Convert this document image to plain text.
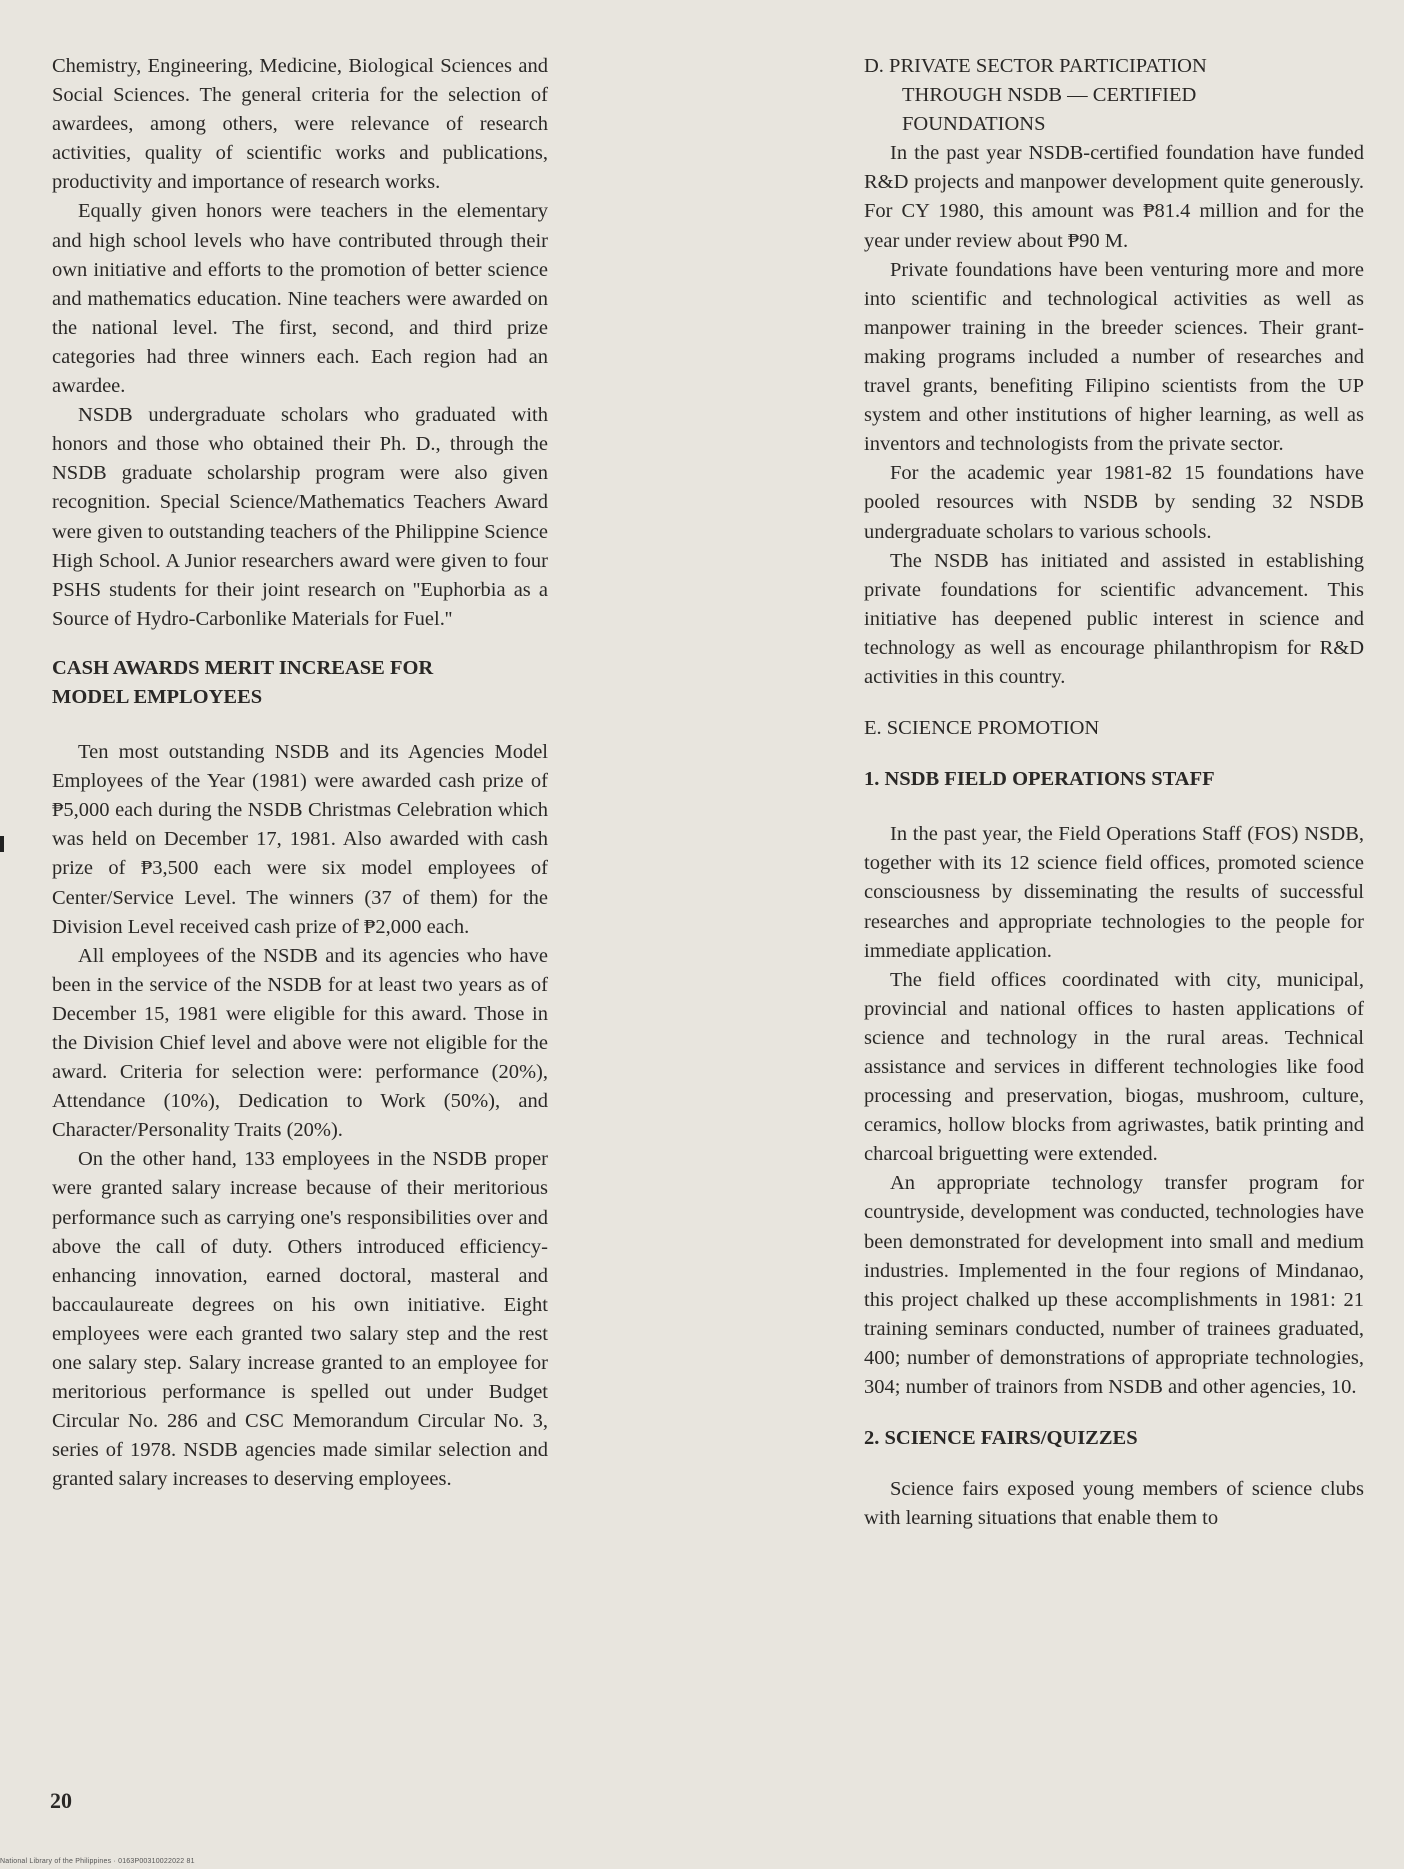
Chemistry, Engineering, Medicine, Biological Sciences and Social Sciences. The general criteria for the selection of awardees, among others, were relevance of research activities, quality of scientific works and publications, productivity and importance of research works.

Equally given honors were teachers in the elementary and high school levels who have contributed through their own initiative and efforts to the promotion of better science and mathematics education. Nine teachers were awarded on the national level. The first, second, and third prize categories had three winners each. Each region had an awardee.

NSDB undergraduate scholars who graduated with honors and those who obtained their Ph. D., through the NSDB graduate scholarship program were also given recognition. Special Science/Mathematics Teachers Award were given to outstanding teachers of the Philippine Science High School. A Junior researchers award were given to four PSHS students for their joint research on ''Euphorbia as a Source of Hydro-Carbonlike Materials for Fuel.''

CASH AWARDS MERIT INCREASE FOR
MODEL EMPLOYEES

Ten most outstanding NSDB and its Agencies Model Employees of the Year (1981) were awarded cash prize of ₱5,000 each during the NSDB Christmas Celebration which was held on December 17, 1981. Also awarded with cash prize of ₱3,500 each were six model employees of Center/Service Level. The winners (37 of them) for the Division Level received cash prize of ₱2,000 each.

All employees of the NSDB and its agencies who have been in the service of the NSDB for at least two years as of December 15, 1981 were eligible for this award. Those in the Division Chief level and above were not eligible for the award. Criteria for selection were: performance (20%), Attendance (10%), Dedication to Work (50%), and Character/Personality Traits (20%).

On the other hand, 133 employees in the NSDB proper were granted salary increase because of their meritorious performance such as carrying one's responsibilities over and above the call of duty. Others introduced efficiency-enhancing innovation, earned doctoral, masteral and baccaulaureate degrees on his own initiative. Eight employees were each granted two salary step and the rest one salary step. Salary increase granted to an employee for meritorious performance is spelled out under Budget Circular No. 286 and CSC Memorandum Circular No. 3, series of 1978. NSDB agencies made similar selection and granted salary increases to deserving employees.

D. PRIVATE SECTOR PARTICIPATION
THROUGH NSDB — CERTIFIED
FOUNDATIONS

In the past year NSDB-certified foundation have funded R&D projects and manpower development quite generously. For CY 1980, this amount was ₱81.4 million and for the year under review about ₱90 M.

Private foundations have been venturing more and more into scientific and technological activities as well as manpower training in the breeder sciences. Their grant-making programs included a number of researches and travel grants, benefiting Filipino scientists from the UP system and other institutions of higher learning, as well as inventors and technologists from the private sector.

For the academic year 1981-82 15 foundations have pooled resources with NSDB by sending 32 NSDB undergraduate scholars to various schools.

The NSDB has initiated and assisted in establishing private foundations for scientific advancement. This initiative has deepened public interest in science and technology as well as encourage philanthropism for R&D activities in this country.

E. SCIENCE PROMOTION
1. NSDB FIELD OPERATIONS STAFF

In the past year, the Field Operations Staff (FOS) NSDB, together with its 12 science field offices, promoted science consciousness by disseminating the results of successful researches and appropriate technologies to the people for immediate application.

The field offices coordinated with city, municipal, provincial and national offices to hasten applications of science and technology in the rural areas. Technical assistance and services in different technologies like food processing and preservation, biogas, mushroom, culture, ceramics, hollow blocks from agriwastes, batik printing and charcoal briguetting were extended.

An appropriate technology transfer program for countryside, development was conducted, technologies have been demonstrated for development into small and medium industries. Implemented in the four regions of Mindanao, this project chalked up these accomplishments in 1981: 21 training seminars conducted, number of trainees graduated, 400; number of demonstrations of appropriate technologies, 304; number of trainors from NSDB and other agencies, 10.

2. SCIENCE FAIRS/QUIZZES

Science fairs exposed young members of science clubs with learning situations that enable them to

20
National Library of the Philippines · 0163P00310022022 81
